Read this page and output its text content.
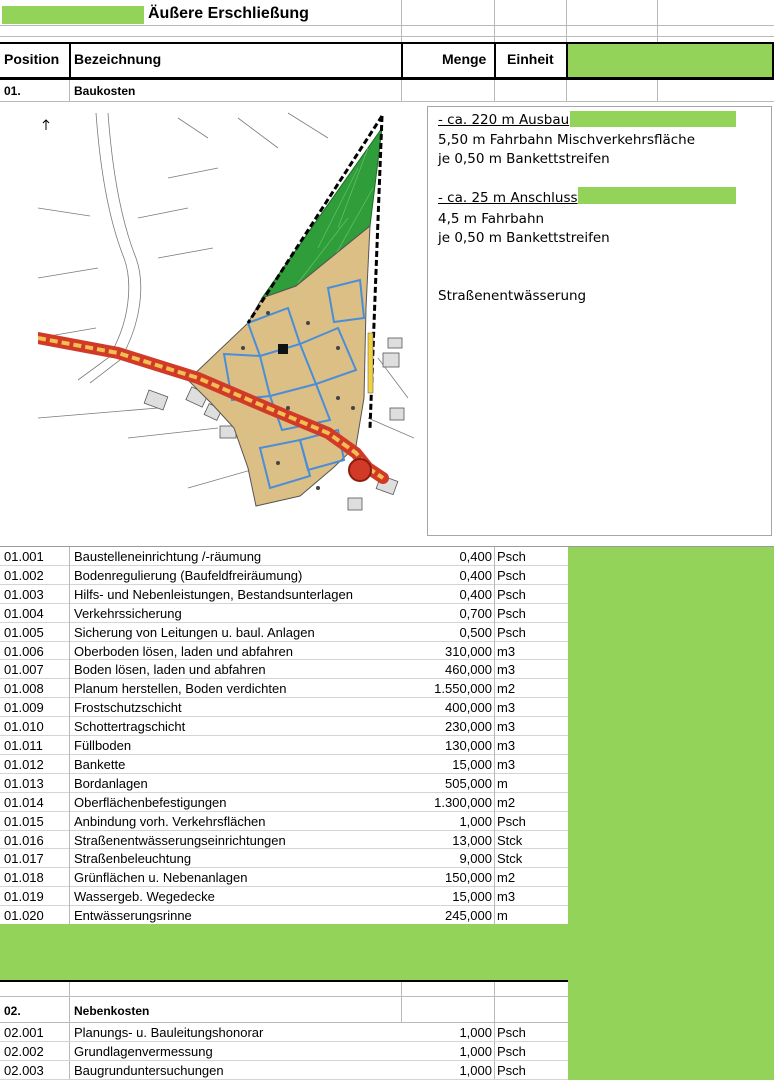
Äußere Erschließung
Position Bezeichnung	Menge Einheit
01.	Baukosten
- ca. 220 m Ausbau
5,50 m Fahrbahn Mischverkehrsfläche
je 0,50 m Bankettstreifen
- ca. 25 m Anschluss
4,5 m Fahrbahn
je 0,50 m Bankettstreifen
Straßenentwässerung
01.001 Baustelleneinrichtung /-räumung	0,400 Psch
01.002 Bodenregulierung (Baufeldfreiräumung)	0,400 Psch
01.003 Hilfs- und Nebenleistungen, Bestandsunterlagen	0,400 Psch
01.004 Verkehrssicherung	0,700 Psch
01.005 Sicherung von Leitungen u. baul. Anlagen	0,500 Psch
01.006 Oberboden lösen, laden und abfahren	310,000 m3
01.007 Boden lösen, laden und abfahren	460,000 m3
01.008 Planum herstellen, Boden verdichten	1.550,000 m2
01.009 Frostschutzschicht	400,000 m3
01.010 Schottertragschicht	230,000 m3
01.011 Füllboden	130,000 m3
01.012 Bankette	15,000 m3
01.013 Bordanlagen	505,000 m
01.014 Oberflächenbefestigungen	1.300,000 m2
01.015 Anbindung vorh. Verkehrsflächen	1,000 Psch
01.016 Straßenentwässerungseinrichtungen	13,000 Stck
01.017 Straßenbeleuchtung	9,000 Stck
01.018 Grünflächen u. Nebenanlagen	150,000 m2
01.019 Wassergeb. Wegedecke	15,000 m3
01.020 Entwässerungsrinne	245,000 m
02.	Nebenkosten
02.001 Planungs- u. Bauleitungshonorar	1,000 Psch
02.002 Grundlagenvermessung	1,000 Psch
02.003 Baugrunduntersuchungen	1,000 Psch
